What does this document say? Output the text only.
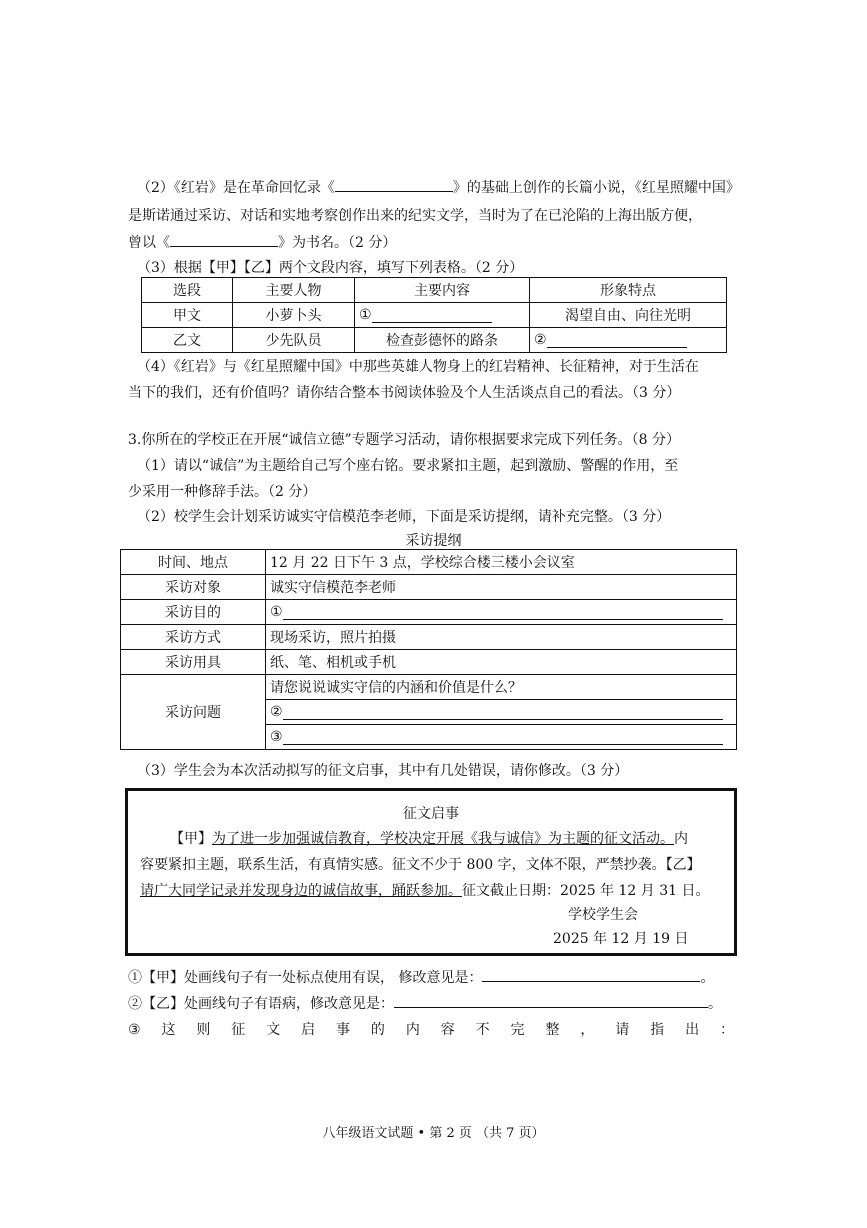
（2）《红岩》是在革命回忆录《	》的基础上创作的长篇小说，《红星照耀中国》
是斯诺通过采访、对话和实地考察创作出来的纪实文学，当时为了在已沦陷的上海出版方便，
曾以《	》为书名。（2 分）
（3）根据【甲】【乙】两个文段内容，填写下列表格。（2 分）
选段	主要人物	主要内容	形象特点
甲文	小萝卜头	①	渴望自由、向往光明
乙文	少先队员	检查彭德怀的路条	②
（4）《红岩》与《红星照耀中国》中那些英雄人物身上的红岩精神、长征精神，对于生活在
当下的我们，还有价值吗？请你结合整本书阅读体验及个人生活谈点自己的看法。（3 分）
3.你所在的学校正在开展“诚信立德”专题学习活动，请你根据要求完成下列任务。（8 分）
（1）请以“诚信”为主题给自己写个座右铭。要求紧扣主题，起到激励、警醒的作用，至
少采用一种修辞手法。（2 分）
（2）校学生会计划采访诚实守信模范李老师，下面是采访提纲，请补充完整。（3 分）
采访提纲
时间、地点	12 月 22 日下午 3 点，学校综合楼三楼小会议室
采访对象	诚实守信模范李老师
采访目的	①
采访方式	现场采访，照片拍摄
采访用具	纸、笔、相机或手机
采访问题	请您说说诚实守信的内涵和价值是什么？
	②
	③
（3）学生会为本次活动拟写的征文启事，其中有几处错误，请你修改。（3 分）
征文启事
【甲】为了进一步加强诚信教育，学校决定开展《我与诚信》为主题的征文活动。内
容要紧扣主题，联系生活，有真情实感。征文不少于 800 字，文体不限，严禁抄袭。【乙】
请广大同学记录并发现身边的诚信故事，踊跃参加。征文截止日期：2025 年 12 月 31 日。
学校学生会
2025 年 12 月 19 日
①【甲】处画线句子有一处标点使用有误， 修改意见是：	。
②【乙】处画线句子有语病，修改意见是：	。
③ 这 则 征 文 启 事 的 内 容 不 完 整 ， 请 指 出 ：
八年级语文试题 • 第 2 页 （共 7 页）
